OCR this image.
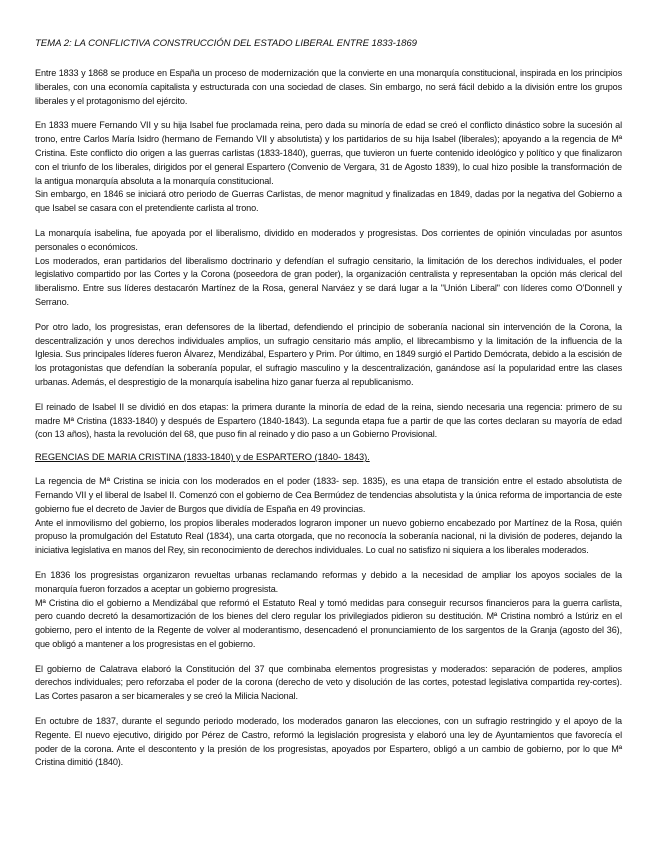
TEMA 2: LA CONFLICTIVA CONSTRUCCIÓN DEL ESTADO LIBERAL ENTRE 1833-1869

Entre 1833 y 1868 se produce en España un proceso de modernización que la convierte en una monarquía constitucional, inspirada en los principios liberales, con una economía capitalista y estructurada con una sociedad de clases. Sin embargo, no será fácil debido a la división entre los grupos liberales y el protagonismo del ejército.

En 1833 muere Fernando VII y su hija Isabel fue proclamada reina, pero dada su minoría de edad se creó el conflicto dinástico sobre la sucesión al trono, entre Carlos María Isidro (hermano de Fernando VII y absolutista) y los partidarios de su hija Isabel (liberales); apoyando a la regencia de Mª Cristina. Este conflicto dio origen a las guerras carlistas (1833-1840), guerras, que tuvieron un fuerte contenido ideológico y político y que finalizaron con el triunfo de los liberales, dirigidos por el general Espartero (Convenio de Vergara, 31 de Agosto 1839), lo cual hizo posible la transformación de la antigua monarquía absoluta a la monarquía constitucional.

Sin embargo, en 1846 se iniciará otro periodo de Guerras Carlistas, de menor magnitud y finalizadas en 1849, dadas por la negativa del Gobierno a que Isabel se casara con el pretendiente carlista al trono.

La monarquía isabelina, fue apoyada por el liberalismo, dividido en moderados y progresistas. Dos corrientes de opinión vinculadas por asuntos personales o económicos.

Los moderados, eran partidarios del liberalismo doctrinario y defendían el sufragio censitario, la limitación de los derechos individuales, el poder legislativo compartido por las Cortes y la Corona (poseedora de gran poder), la organización centralista y representaban la opción más clerical del liberalismo. Entre sus líderes destacarón Martínez de la Rosa, general Narváez y se dará lugar a la "Unión Liberal" con líderes como O'Donnell y Serrano.

Por otro lado, los progresistas, eran defensores de la libertad, defendiendo el principio de soberanía nacional sin intervención de la Corona, la descentralización y unos derechos individuales amplios, un sufragio censitario más amplio, el librecambismo y la limitación de la influencia de la Iglesia. Sus principales líderes fueron Álvarez, Mendizábal, Espartero y Prim. Por último, en 1849 surgió el Partido Demócrata, debido a la escisión de los protagonistas que defendían la soberanía popular, el sufragio masculino y la descentralización, ganándose así la popularidad entre las clases urbanas. Además, el desprestigio de la monarquía isabelina hizo ganar fuerza al republicanismo.

El reinado de Isabel II se dividió en dos etapas: la primera durante la minoría de edad de la reina, siendo necesaria una regencia: primero de su madre Mª Cristina (1833-1840) y después de Espartero (1840-1843). La segunda etapa fue a partir de que las cortes declaran su mayoría de edad (con 13 años), hasta la revolución del 68, que puso fin al reinado y dio paso a un Gobierno Provisional.

REGENCIAS DE MARIA CRISTINA (1833-1840) y de ESPARTERO (1840- 1843).

La regencia de Mª Cristina se inicia con los moderados en el poder (1833- sep. 1835), es una etapa de transición entre el estado absolutista de Fernando VII y el liberal de Isabel II. Comenzó con el gobierno de Cea Bermúdez de tendencias absolutista y la única reforma de importancia de este gobierno fue el decreto de Javier de Burgos que dividía de España en 49 provincias.

Ante el inmovilismo del gobierno, los propios liberales moderados lograron imponer un nuevo gobierno encabezado por Martínez de la Rosa, quién propuso la promulgación del Estatuto Real (1834), una carta otorgada, que no reconocía la soberanía nacional, ni la división de poderes, dejando la iniciativa legislativa en manos del Rey, sin reconocimiento de derechos individuales. Lo cual no satisfizo ni siquiera a los liberales moderados.

En 1836 los progresistas organizaron revueltas urbanas reclamando reformas y debido a la necesidad de ampliar los apoyos sociales de la monarquía fueron forzados a aceptar un gobierno progresista.

Mª Cristina dio el gobierno a Mendizábal que reformó el Estatuto Real y tomó medidas para conseguir recursos financieros para la guerra carlista, pero cuando decretó la desamortización de los bienes del clero regular los privilegiados pidieron su destitución. Mª Cristina nombró a Istúriz en el gobierno, pero el intento de la Regente de volver al moderantismo, desencadenó el pronunciamiento de los sargentos de la Granja (agosto del 36), que obligó a mantener a los progresistas en el gobierno.

El gobierno de Calatrava elaboró la Constitución del 37 que combinaba elementos progresistas y moderados: separación de poderes, amplios derechos individuales; pero reforzaba el poder de la corona (derecho de veto y disolución de las cortes, potestad legislativa compartida rey-cortes). Las Cortes pasaron a ser bicamerales y se creó la Milicia Nacional.

En octubre de 1837, durante el segundo periodo moderado, los moderados ganaron las elecciones, con un sufragio restringido y el apoyo de la Regente. El nuevo ejecutivo, dirigido por Pérez de Castro, reformó la legislación progresista y elaboró una ley de Ayuntamientos que favorecía el poder de la corona. Ante el descontento y la presión de los progresistas, apoyados por Espartero, obligó a un cambio de gobierno, por lo que Mª Cristina dimitió (1840).
